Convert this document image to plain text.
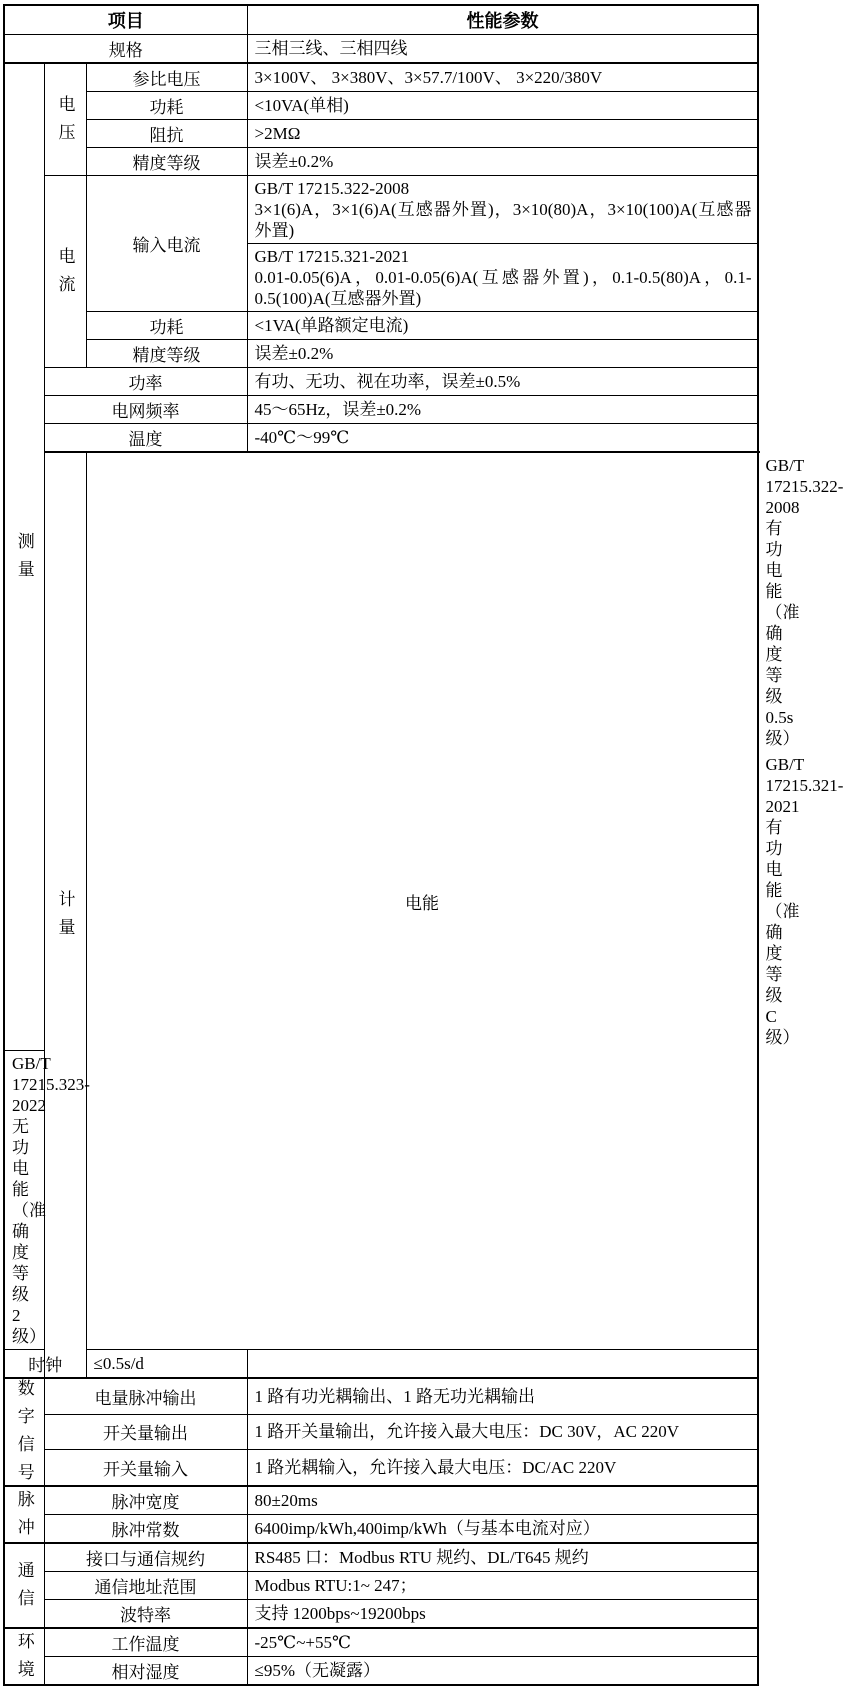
项目			性能参数	
规格			三相三线、三相四线	
测量	电压	参比电压	3×100V、 3×380V、3×57.7/100V、 3×220/380V	
		功耗	<10VA(单相)	
		阻抗	>2MΩ	
		精度等级	误差±0.2%	
	电流	输入电流	GB/T 17215.322-2008
3×1(6)A，3×1(6)A(互感器外置)，3×10(80)A，3×10(100)A(互感器外置)	

			GB/T 17215.321-2021
0.01-0.05(6)A，0.01-0.05(6)A(互感器外置)，0.1-0.5(80)A，0.1-0.5(100)A(互感器外置)	

		功耗	<1VA(单路额定电流)	
		精度等级	误差±0.2%	
	功率		有功、无功、视在功率，误差±0.5%	
	电网频率		45～65Hz，误差±0.2%	
	温度		-40℃～99℃	
	计量	电能		GB/T 17215.322-2008
有功电能（准确度等级 0.5s 级）

				GB/T 17215.321-2021
有功电能（准确度等级 C 级）

GB/T 17215.323-2022
无功电能（准确度等级 2 级）				

时钟		≤0.5s/d		
数字信号	电量脉冲输出		1 路有功光耦输出、1 路无功光耦输出	
	开关量输出		1 路开关量输出，允许接入最大电压：DC 30V，AC 220V	
	开关量输入		1 路光耦输入，允许接入最大电压：DC/AC 220V	
脉冲	脉冲宽度		80±20ms	
	脉冲常数		6400imp/kWh,400imp/kWh（与基本电流对应）	
通信	接口与通信规约		RS485 口：Modbus RTU 规约、DL/T645 规约	
	通信地址范围		Modbus RTU:1~ 247；	
	波特率		支持 1200bps~19200bps	
环境	工作温度		-25℃~+55℃	
	相对湿度		≤95%（无凝露）	
